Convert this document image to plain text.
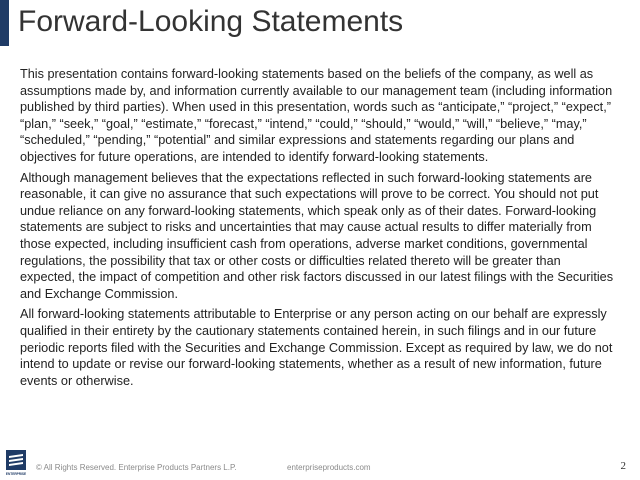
Forward-Looking Statements

This presentation contains forward-looking statements based on the beliefs of the company, as well as assumptions made by, and information currently available to our management team (including information published by third parties). When used in this presentation, words such as “anticipate,” “project,” “expect,” “plan,” “seek,” “goal,” “estimate,” “forecast,” “intend,” “could,” “should,” “would,” “will,” “believe,” “may,” “scheduled,” “pending,” “potential” and similar expressions and statements regarding our plans and objectives for future operations, are intended to identify forward-looking statements.

Although management believes that the expectations reflected in such forward-looking statements are reasonable, it can give no assurance that such expectations will prove to be correct. You should not put undue reliance on any forward-looking statements, which speak only as of their dates. Forward-looking statements are subject to risks and uncertainties that may cause actual results to differ materially from those expected, including insufficient cash from operations, adverse market conditions, governmental regulations, the possibility that tax or other costs or difficulties related thereto will be greater than expected, the impact of competition and other risk factors discussed in our latest filings with the Securities and Exchange Commission.

All forward-looking statements attributable to Enterprise or any person acting on our behalf are expressly qualified in their entirety by the cautionary statements contained herein, in such filings and in our future periodic reports filed with the Securities and Exchange Commission. Except as required by law, we do not intend to update or revise our forward-looking statements, whether as a result of new information, future events or otherwise.

ENTERPRISE
© All Rights Reserved. Enterprise Products Partners L.P.	enterpriseproducts.com	2
